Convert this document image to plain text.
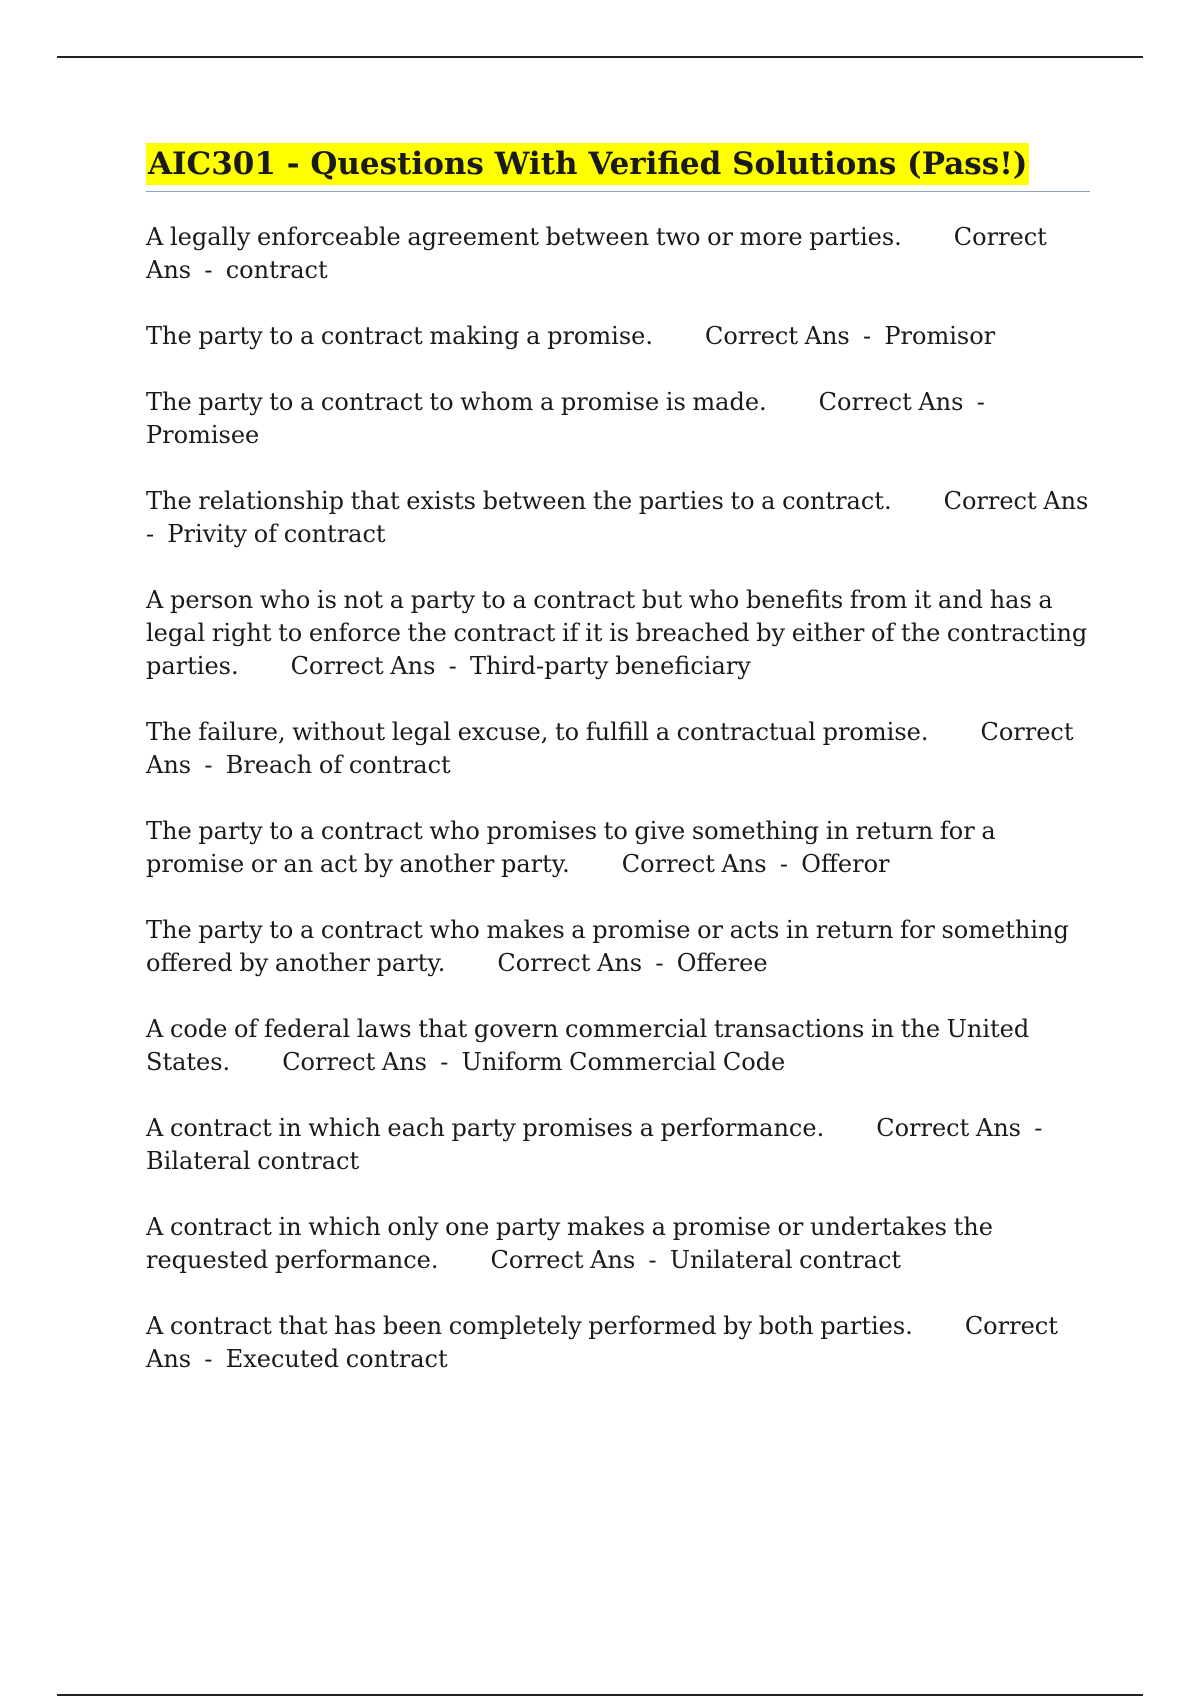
AIC301 - Questions With Verified Solutions (Pass!)
A legally enforceable agreement between two or more parties. Correct Ans  -  contract
The party to a contract making a promise. Correct Ans  -  Promisor
The party to a contract to whom a promise is made. Correct Ans  -  Promisee
The relationship that exists between the parties to a contract. Correct Ans  -  Privity of contract
A person who is not a party to a contract but who benefits from it and has a legal right to enforce the contract if it is breached by either of the contracting parties. Correct Ans  -  Third-party beneficiary
The failure, without legal excuse, to fulfill a contractual promise. Correct Ans  -  Breach of contract
The party to a contract who promises to give something in return for a promise or an act by another party. Correct Ans  -  Offeror
The party to a contract who makes a promise or acts in return for something offered by another party. Correct Ans  -  Offeree
A code of federal laws that govern commercial transactions in the United States. Correct Ans  -  Uniform Commercial Code
A contract in which each party promises a performance. Correct Ans  -  Bilateral contract
A contract in which only one party makes a promise or undertakes the requested performance. Correct Ans  -  Unilateral contract
A contract that has been completely performed by both parties. Correct Ans  -  Executed contract
